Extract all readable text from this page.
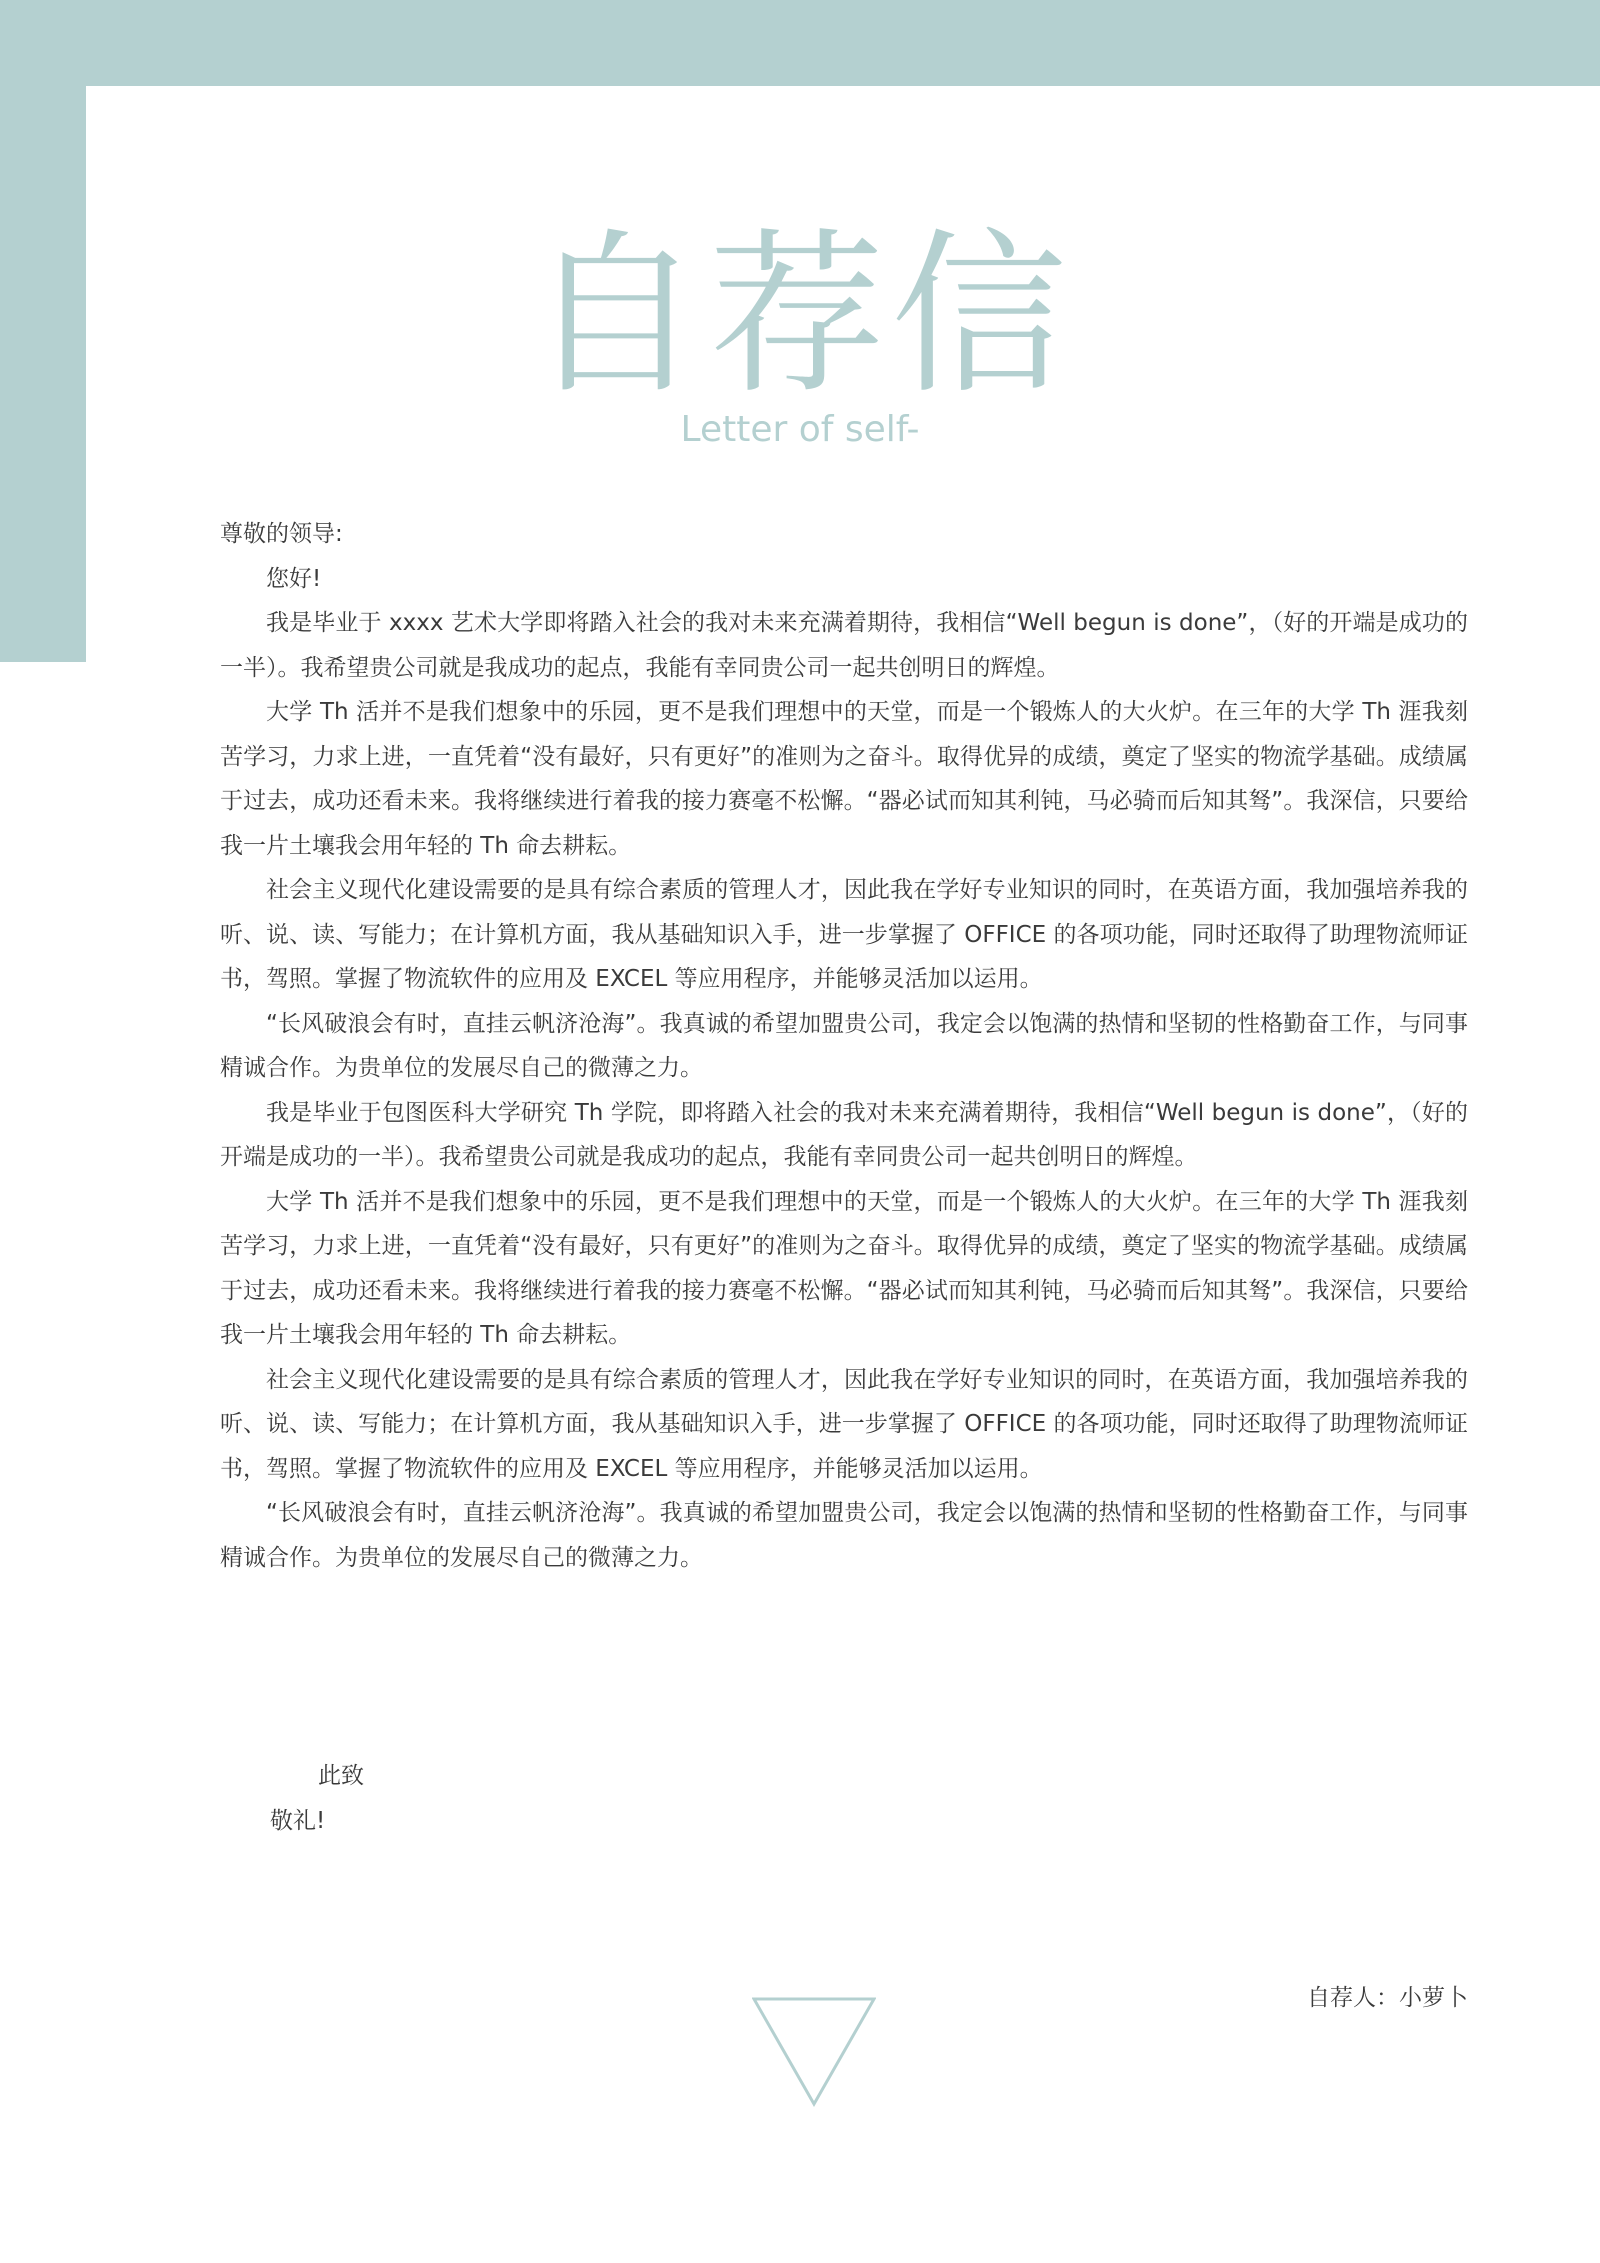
自荐信
Letter of self-

尊敬的领导:

您好!

我是毕业于 xxxx 艺术大学即将踏入社会的我对未来充满着期待，我相信“Well begun is done”，（好的开端是成功的一半）。我希望贵公司就是我成功的起点，我能有幸同贵公司一起共创明日的辉煌。

大学 Th 活并不是我们想象中的乐园，更不是我们理想中的天堂，而是一个锻炼人的大火炉。在三年的大学 Th 涯我刻苦学习，力求上进，一直凭着“没有最好，只有更好”的准则为之奋斗。取得优异的成绩，奠定了坚实的物流学基础。成绩属于过去，成功还看未来。我将继续进行着我的接力赛毫不松懈。“器必试而知其利钝，马必骑而后知其驽”。我深信，只要给我一片土壤我会用年轻的 Th 命去耕耘。

社会主义现代化建设需要的是具有综合素质的管理人才，因此我在学好专业知识的同时，在英语方面，我加强培养我的听、说、读、写能力；在计算机方面，我从基础知识入手，进一步掌握了 OFFICE 的各项功能，同时还取得了助理物流师证书，驾照。掌握了物流软件的应用及 EXCEL 等应用程序，并能够灵活加以运用。

“长风破浪会有时，直挂云帆济沧海”。我真诚的希望加盟贵公司，我定会以饱满的热情和坚韧的性格勤奋工作，与同事精诚合作。为贵单位的发展尽自己的微薄之力。

我是毕业于包图医科大学研究 Th 学院，即将踏入社会的我对未来充满着期待，我相信“Well begun is done”，（好的开端是成功的一半）。我希望贵公司就是我成功的起点，我能有幸同贵公司一起共创明日的辉煌。

大学 Th 活并不是我们想象中的乐园，更不是我们理想中的天堂，而是一个锻炼人的大火炉。在三年的大学 Th 涯我刻苦学习，力求上进，一直凭着“没有最好，只有更好”的准则为之奋斗。取得优异的成绩，奠定了坚实的物流学基础。成绩属于过去，成功还看未来。我将继续进行着我的接力赛毫不松懈。“器必试而知其利钝，马必骑而后知其驽”。我深信，只要给我一片土壤我会用年轻的 Th 命去耕耘。

社会主义现代化建设需要的是具有综合素质的管理人才，因此我在学好专业知识的同时，在英语方面，我加强培养我的听、说、读、写能力；在计算机方面，我从基础知识入手，进一步掌握了 OFFICE 的各项功能，同时还取得了助理物流师证书，驾照。掌握了物流软件的应用及 EXCEL 等应用程序，并能够灵活加以运用。

“长风破浪会有时，直挂云帆济沧海”。我真诚的希望加盟贵公司，我定会以饱满的热情和坚韧的性格勤奋工作，与同事精诚合作。为贵单位的发展尽自己的微薄之力。

此致

敬礼!

自荐人：小萝卜
